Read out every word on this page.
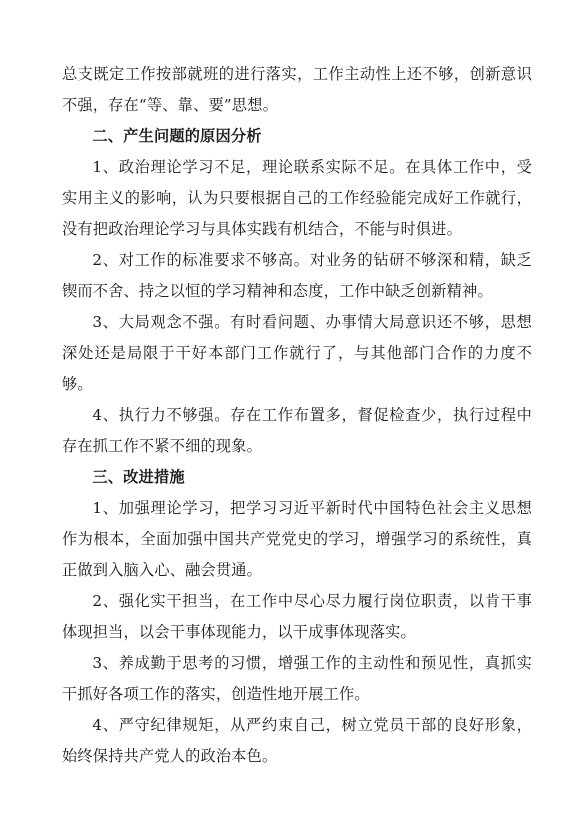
总支既定工作按部就班的进行落实，工作主动性上还不够，创新意识不强，存在“等、靠、要”思想。

二、产生问题的原因分析

1、政治理论学习不足，理论联系实际不足。在具体工作中，受实用主义的影响，认为只要根据自己的工作经验能完成好工作就行，没有把政治理论学习与具体实践有机结合，不能与时俱进。

2、对工作的标准要求不够高。对业务的钻研不够深和精，缺乏锲而不舍、持之以恒的学习精神和态度，工作中缺乏创新精神。

3、大局观念不强。有时看问题、办事情大局意识还不够，思想深处还是局限于干好本部门工作就行了，与其他部门合作的力度不够。

4、执行力不够强。存在工作布置多，督促检查少，执行过程中存在抓工作不紧不细的现象。

三、改进措施

1、加强理论学习，把学习习近平新时代中国特色社会主义思想作为根本，全面加强中国共产党党史的学习，增强学习的系统性，真正做到入脑入心、融会贯通。

2、强化实干担当，在工作中尽心尽力履行岗位职责，以肯干事体现担当，以会干事体现能力，以干成事体现落实。

3、养成勤于思考的习惯，增强工作的主动性和预见性，真抓实干抓好各项工作的落实，创造性地开展工作。

4、严守纪律规矩，从严约束自己，树立党员干部的良好形象，始终保持共产党人的政治本色。
